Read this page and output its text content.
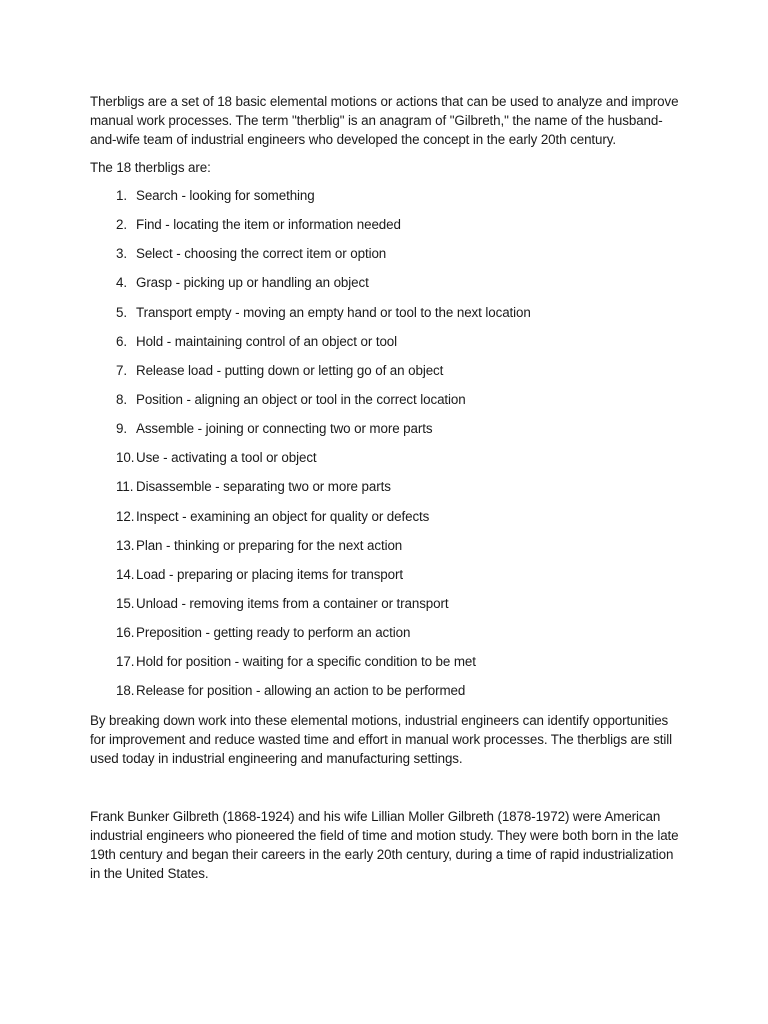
Therbligs are a set of 18 basic elemental motions or actions that can be used to analyze and improve manual work processes. The term "therblig" is an anagram of "Gilbreth," the name of the husband-and-wife team of industrial engineers who developed the concept in the early 20th century.

The 18 therbligs are:

1. Search - looking for something
2. Find - locating the item or information needed
3. Select - choosing the correct item or option
4. Grasp - picking up or handling an object
5. Transport empty - moving an empty hand or tool to the next location
6. Hold - maintaining control of an object or tool
7. Release load - putting down or letting go of an object
8. Position - aligning an object or tool in the correct location
9. Assemble - joining or connecting two or more parts
10. Use - activating a tool or object
11. Disassemble - separating two or more parts
12. Inspect - examining an object for quality or defects
13. Plan - thinking or preparing for the next action
14. Load - preparing or placing items for transport
15. Unload - removing items from a container or transport
16. Preposition - getting ready to perform an action
17. Hold for position - waiting for a specific condition to be met
18. Release for position - allowing an action to be performed

By breaking down work into these elemental motions, industrial engineers can identify opportunities for improvement and reduce wasted time and effort in manual work processes. The therbligs are still used today in industrial engineering and manufacturing settings.

Frank Bunker Gilbreth (1868-1924) and his wife Lillian Moller Gilbreth (1878-1972) were American industrial engineers who pioneered the field of time and motion study. They were both born in the late 19th century and began their careers in the early 20th century, during a time of rapid industrialization in the United States.
